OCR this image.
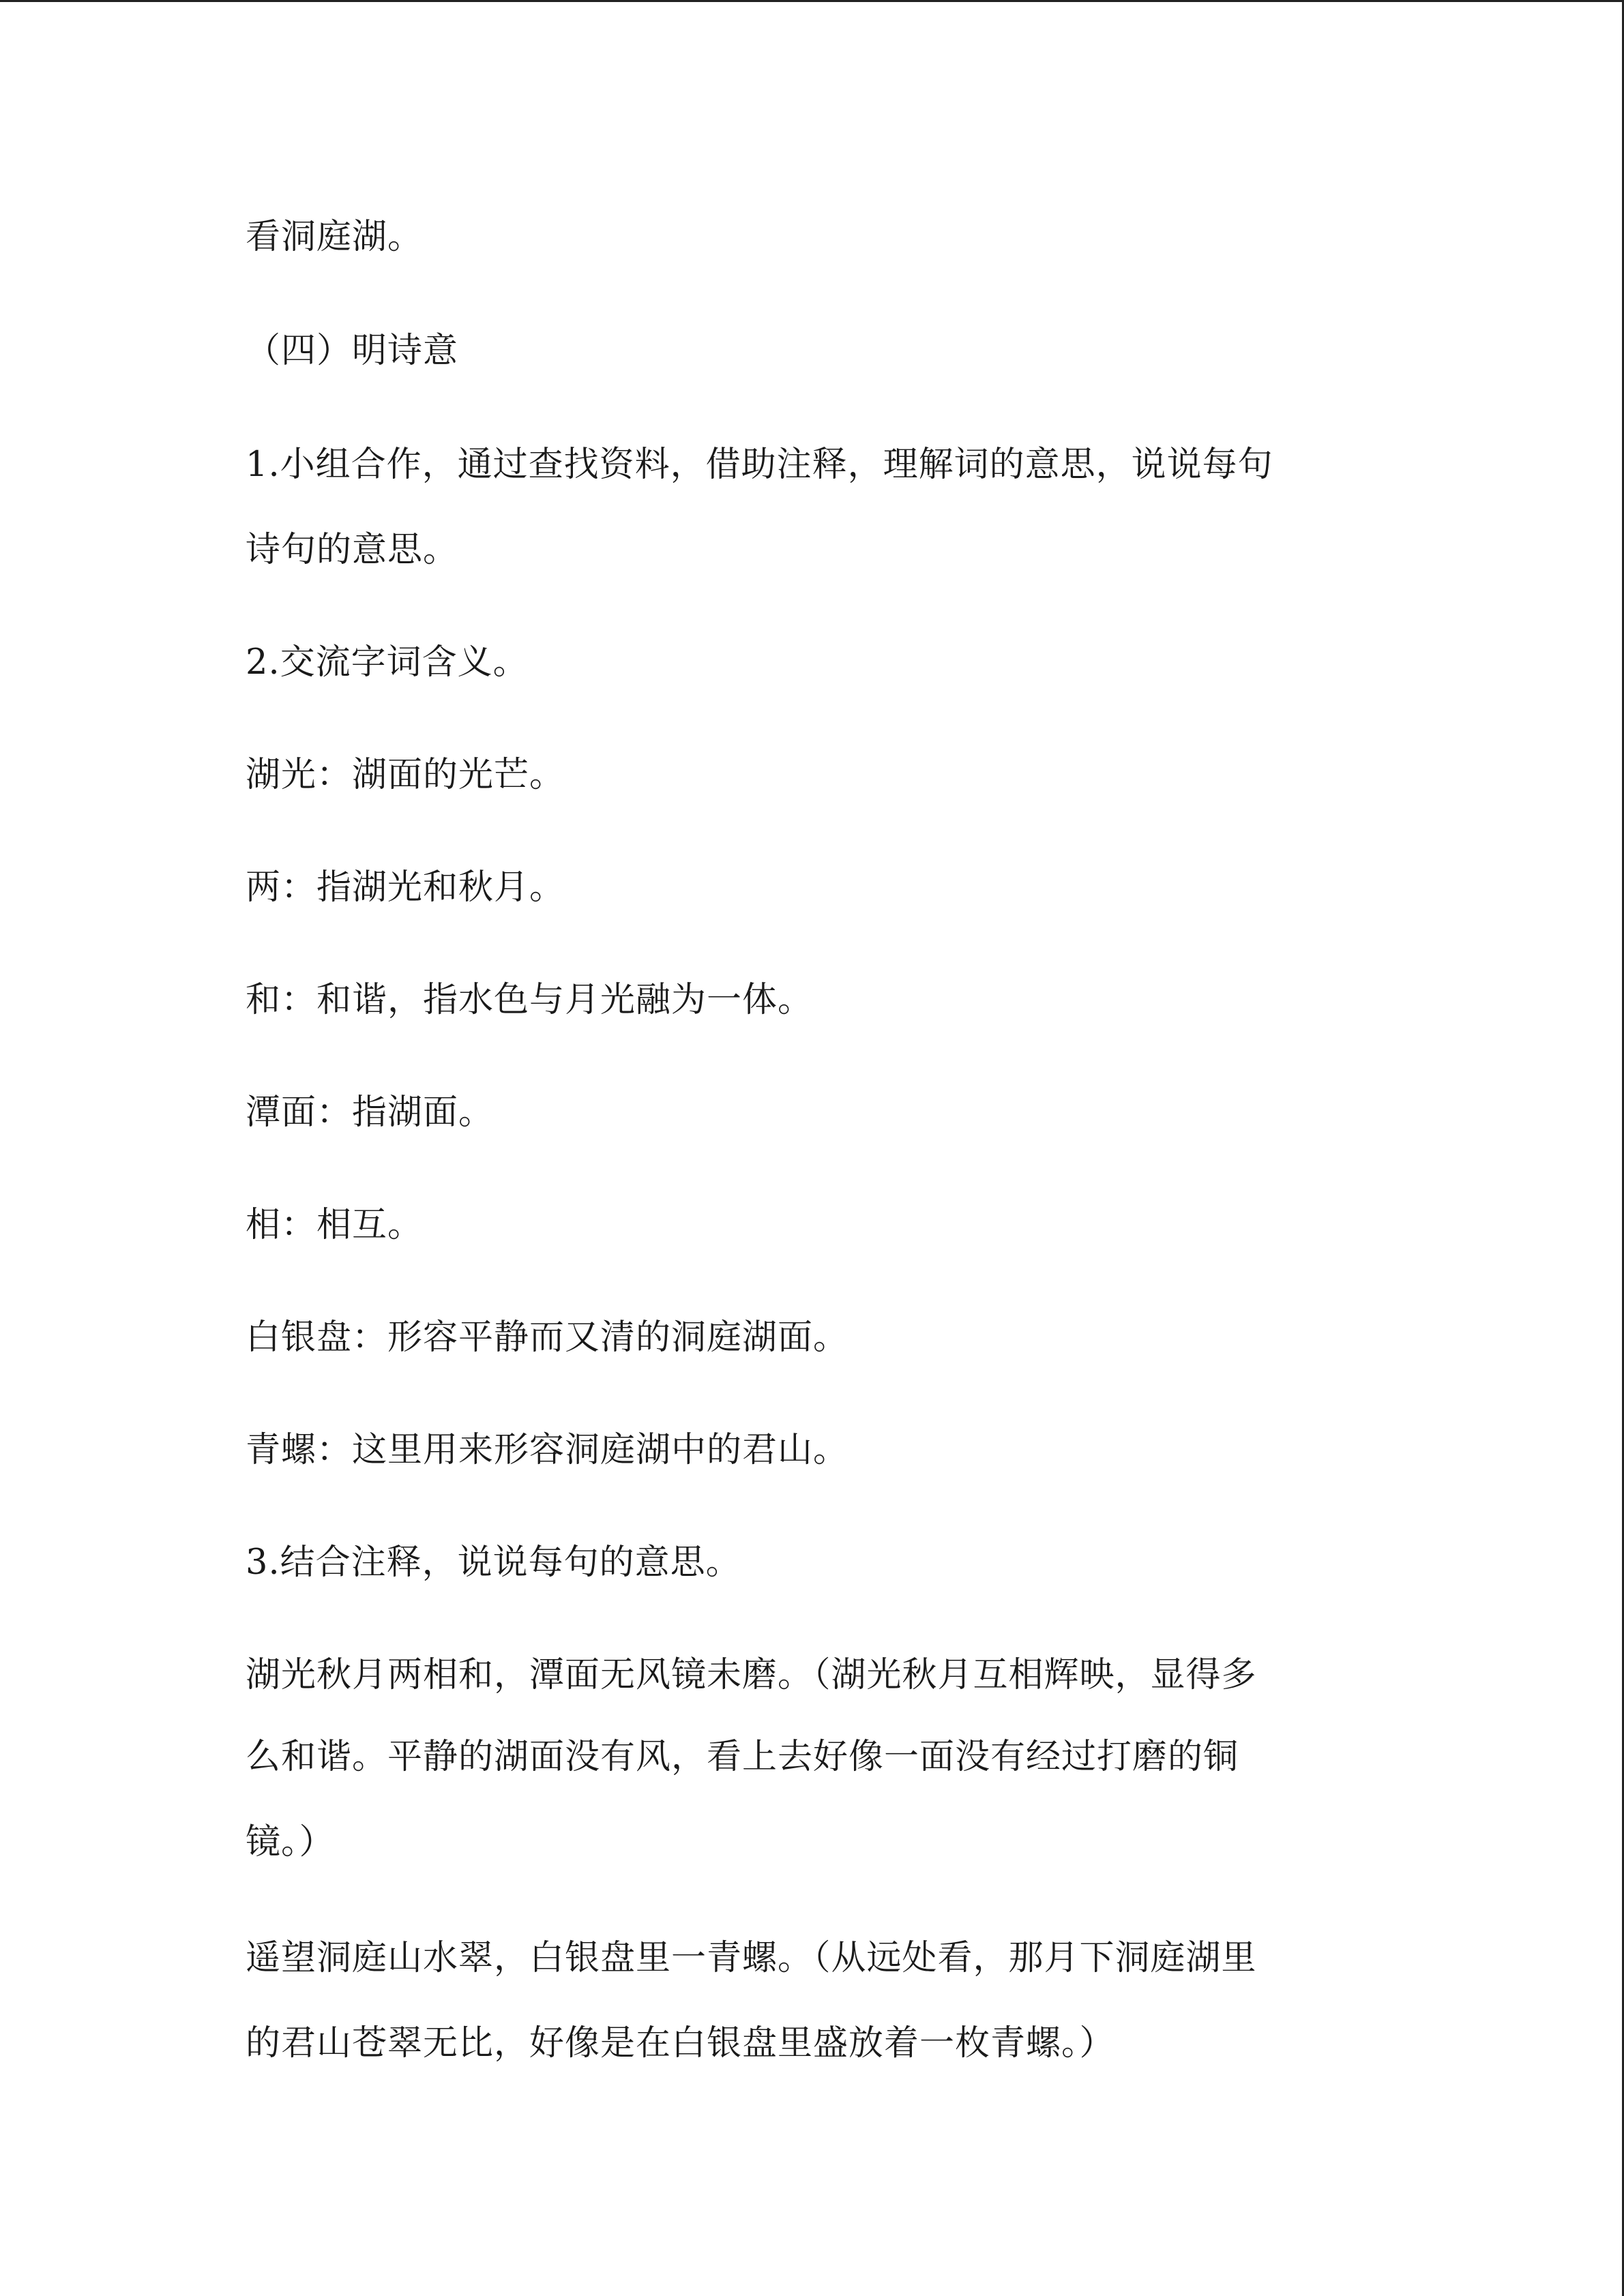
看洞庭湖。
（四）明诗意
1.小组合作，通过查找资料，借助注释，理解词的意思，说说每句
诗句的意思。
2.交流字词含义。
湖光：湖面的光芒。
两：指湖光和秋月。
和：和谐，指水色与月光融为一体。
潭面：指湖面。
相：相互。
白银盘：形容平静而又清的洞庭湖面。
青螺：这里用来形容洞庭湖中的君山。
3.结合注释，说说每句的意思。
湖光秋月两相和，潭面无风镜未磨。（湖光秋月互相辉映，显得多
么和谐。平静的湖面没有风，看上去好像一面没有经过打磨的铜
镜。）
遥望洞庭山水翠，白银盘里一青螺。（从远处看，那月下洞庭湖里
的君山苍翠无比，好像是在白银盘里盛放着一枚青螺。）
